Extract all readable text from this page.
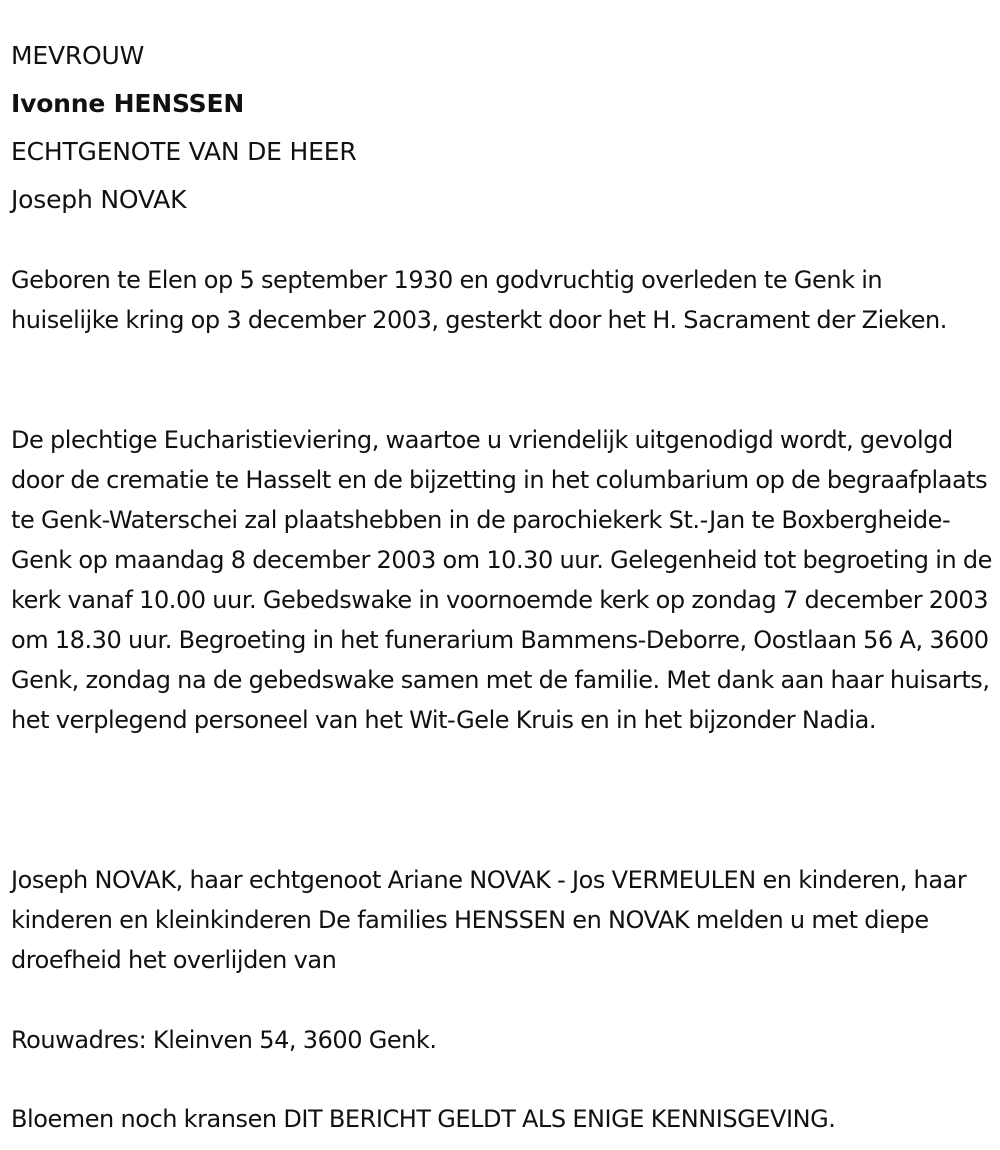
MEVROUW
Ivonne HENSSEN
ECHTGENOTE VAN DE HEER
Joseph NOVAK

Geboren te Elen op 5 september 1930 en godvruchtig overleden te Genk in huiselijke kring op 3 december 2003, gesterkt door het H. Sacrament der Zieken.

De plechtige Eucharistieviering, waartoe u vriendelijk uitgenodigd wordt, gevolgd door de crematie te Hasselt en de bijzetting in het columbarium op de begraafplaats te Genk-Waterschei zal plaatshebben in de parochiekerk St.-Jan te Boxbergheide-Genk op maandag 8 december 2003 om 10.30 uur. Gelegenheid tot begroeting in de kerk vanaf 10.00 uur. Gebedswake in voornoemde kerk op zondag 7 december 2003 om 18.30 uur. Begroeting in het funerarium Bammens-Deborre, Oostlaan 56 A, 3600 Genk, zondag na de gebedswake samen met de familie. Met dank aan haar huisarts, het verplegend personeel van het Wit-Gele Kruis en in het bijzonder Nadia.

Joseph NOVAK, haar echtgenoot Ariane NOVAK - Jos VERMEULEN en kinderen, haar kinderen en kleinkinderen De families HENSSEN en NOVAK melden u met diepe droefheid het overlijden van

Rouwadres: Kleinven 54, 3600 Genk.

Bloemen noch kransen DIT BERICHT GELDT ALS ENIGE KENNISGEVING.
